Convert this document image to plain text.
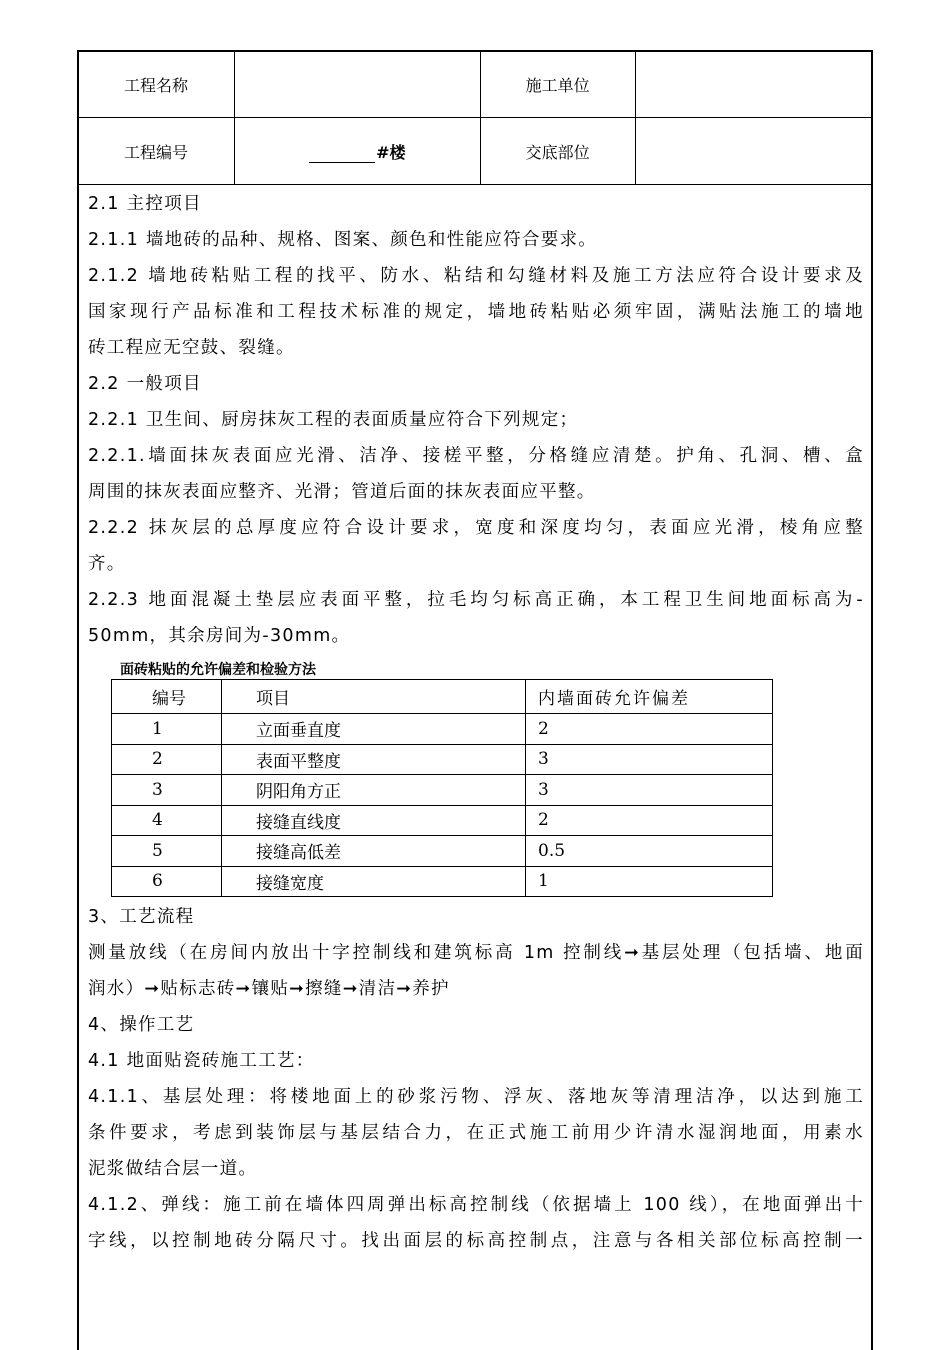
工程名称		施工单位	
工程编号	#楼	交底部位	
2.1 主控项目
2.1.1 墙地砖的品种、规格、图案、颜色和性能应符合要求。
2.1.2 墙地砖粘贴工程的找平、防水、粘结和勾缝材料及施工方法应符合设计要求及
国家现行产品标准和工程技术标准的规定，墙地砖粘贴必须牢固，满贴法施工的墙地
砖工程应无空鼓、裂缝。
2.2 一般项目
2.2.1 卫生间、厨房抹灰工程的表面质量应符合下列规定；
2.2.1.墙面抹灰表面应光滑、洁净、接槎平整，分格缝应清楚。护角、孔洞、槽、盒
周围的抹灰表面应整齐、光滑；管道后面的抹灰表面应平整。
2.2.2 抹灰层的总厚度应符合设计要求，宽度和深度均匀，表面应光滑，棱角应整
齐。
2.2.3 地面混凝土垫层应表面平整，拉毛均匀标高正确，本工程卫生间地面标高为-
50mm，其余房间为-30mm。
面砖粘贴的允许偏差和检验方法
编号	项目	内墙面砖允许偏差
1	立面垂直度	2
2	表面平整度	3
3	阴阳角方正	3
4	接缝直线度	2
5	接缝高低差	0.5
6	接缝宽度	1
3、工艺流程
测量放线（在房间内放出十字控制线和建筑标高 1m 控制线➞基层处理（包括墙、地面
润水）➞贴标志砖➞镶贴➞擦缝➞清洁➞养护
4、操作工艺
4.1 地面贴瓷砖施工工艺：
4.1.1、基层处理：将楼地面上的砂浆污物、浮灰、落地灰等清理洁净，以达到施工
条件要求，考虑到装饰层与基层结合力，在正式施工前用少许清水湿润地面，用素水
泥浆做结合层一道。
4.1.2、弹线：施工前在墙体四周弹出标高控制线（依据墙上 100 线），在地面弹出十
字线，以控制地砖分隔尺寸。找出面层的标高控制点，注意与各相关部位标高控制一
